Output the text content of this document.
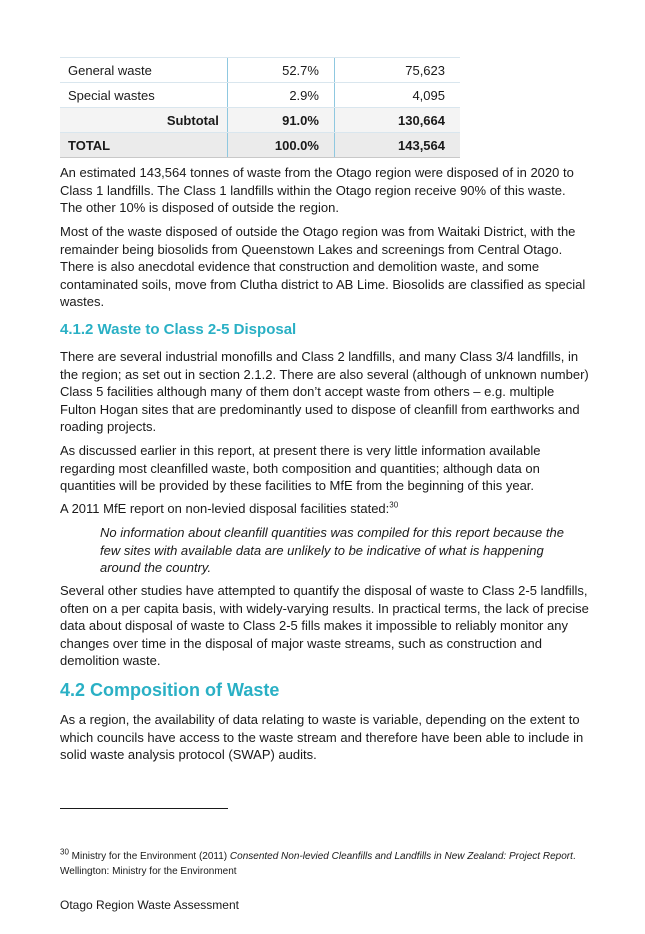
General waste	52.7%	75,623
Special wastes	2.9%	4,095
Subtotal	91.0%	130,664
TOTAL	100.0%	143,564

An estimated 143,564 tonnes of waste from the Otago region were disposed of in 2020 to Class 1 landfills. The Class 1 landfills within the Otago region receive 90% of this waste. The other 10% is disposed of outside the region.

Most of the waste disposed of outside the Otago region was from Waitaki District, with the remainder being biosolids from Queenstown Lakes and screenings from Central Otago. There is also anecdotal evidence that construction and demolition waste, and some contaminated soils, move from Clutha district to AB Lime. Biosolids are classified as special wastes.

4.1.2 Waste to Class 2-5 Disposal

There are several industrial monofills and Class 2 landfills, and many Class 3/4 landfills, in the region; as set out in section 2.1.2. There are also several (although of unknown number) Class 5 facilities although many of them don’t accept waste from others – e.g. multiple Fulton Hogan sites that are predominantly used to dispose of cleanfill from earthworks and roading projects.

As discussed earlier in this report, at present there is very little information available regarding most cleanfilled waste, both composition and quantities; although data on quantities will be provided by these facilities to MfE from the beginning of this year.

A 2011 MfE report on non-levied disposal facilities stated:$^{30}$

No information about cleanfill quantities was compiled for this report because the few sites with available data are unlikely to be indicative of what is happening around the country.

Several other studies have attempted to quantify the disposal of waste to Class 2-5 landfills, often on a per capita basis, with widely-varying results. In practical terms, the lack of precise data about disposal of waste to Class 2-5 fills makes it impossible to reliably monitor any changes over time in the disposal of major waste streams, such as construction and demolition waste.

4.2 Composition of Waste

As a region, the availability of data relating to waste is variable, depending on the extent to which councils have access to the waste stream and therefore have been able to include in solid waste analysis protocol (SWAP) audits.

$^{30}$ Ministry for the Environment (2011) Consented Non-levied Cleanfills and Landfills in New Zealand: Project Report. Wellington: Ministry for the Environment

Otago Region Waste Assessment
